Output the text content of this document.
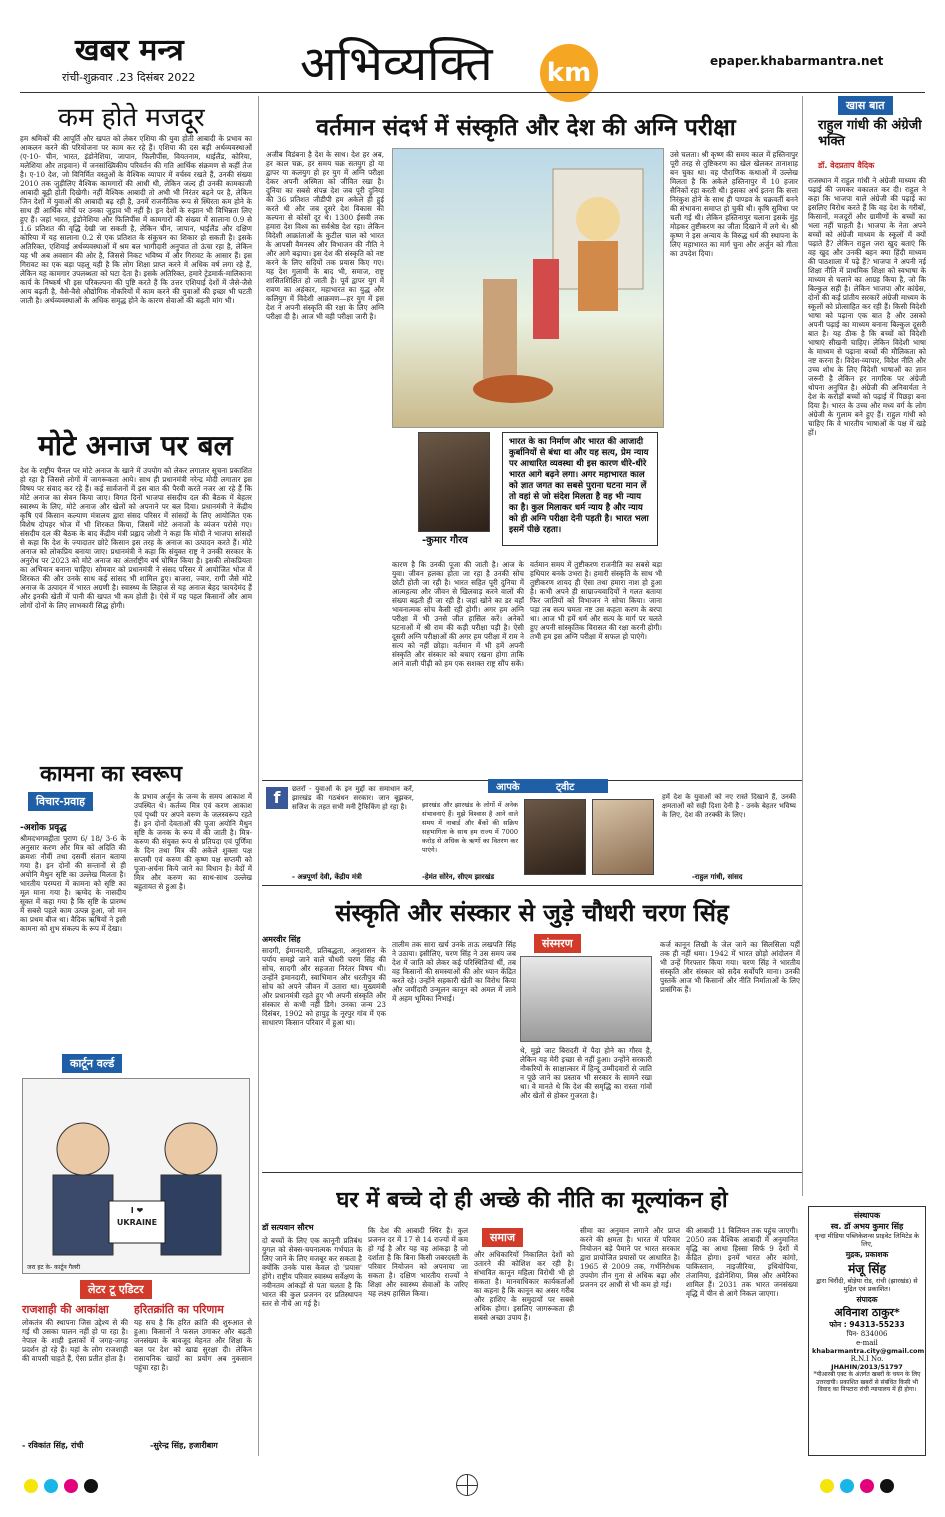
खबर मन्त्र
रांची-शुक्रवार .23 दिसंबर 2022 अभिव्यक्ति km	epaper.khabarmantra.net
कम होते मजदूर
हम श्रमिकों की आपूर्ति और खपत को लेकर एशिया की युवा होती आबादी के प्रभाव का आकलन करने की परियोजना पर काम कर रहे हैं। एशिया की दस बड़ी अर्थव्यवस्थाओं (ए-10- चीन, भारत, इंडोनेशिया, जापान, फिलीपींस, वियतनाम, थाईलैंड, कोरिया, मलेशिया और ताइवान) में जनसांख्यिकीय परिवर्तन की गति आर्थिक संक्रमण से कहीं तेज है। ए-10 देश, जो विनिर्मित वस्तुओं के वैश्विक व्यापार में वर्चस्व रखते हैं, उनकी संख्या 2010 तक जुड़ीलिए वैश्विक कामगारों की आधी थी, लेकिन जल्द ही उनकी कामकाजी आबादी बूढ़ी होती दिखेगी। नहीं वैश्विक आबादी तो अभी भी निरंतर बढ़ने पर है, लेकिन जिन देशों में युवाओं की आबादी बढ़ रही है, उनमें राजनीतिक रूप से स्थिरता कम होने के साथ ही आर्थिक मोर्चे पर उनका जुड़ाव भी नहीं है। इन देशों के रुझान भी विभिन्नता लिए हुए हैं। जहां भारत, इंडोनेशिया और फिलिपींस में कामगारों की संख्या में सालाना 0.9 से 1.6 प्रतिशत की वृद्धि देखी जा सकती है, लेकिन चीन, जापान, थाईलैंड और दक्षिण कोरिया में यह सालाना 0.2 से एक प्रतिशत के संकुचन का शिकार हो सकती है। इसके अतिरिक्त, एशियाई अर्थव्यवस्थाओं में श्रम बल भागीदारी अनुपात तो ऊंचा रहा है, लेकिन यह भी अब अवसान की ओर है, जिससे निकट भविष्य में और गिरावट के आसार हैं। इस गिरावट का एक बड़ा पहलू यही है कि लोग शिक्षा प्राप्त करने में अधिक वर्ष लगा रहे हैं, लेकिन यह कामगार उपलब्धता को घटा देता है। इसके अतिरिक्त, हमारे ट्रेडमार्क-मालिकाना कार्य के निष्कर्ष भी इस परिकल्पना की पुष्टि करते हैं कि उत्तर एशियाई देशों में जैसे-जैसे आय बढ़ती है, वैसे-वैसे औद्योगिक नौकरियों में काम करने की युवाओं की इच्छा भी घटती जाती है। अर्थव्यवस्थाओं के अधिक समृद्ध होने के कारण सेवाओं की बढ़ती मांग भी।
मोटे अनाज पर बल
देश के राष्ट्रीय चैनल पर मोटे अनाज के खाने में उपयोग को लेकर लगातार सूचना प्रकाशित हो रहा है जिससे लोगों में जागरूकता आये। साथ ही प्रधानमंत्री नरेन्द्र मोदी लगातार इस विषय पर संवाद कर रहे हैं। कई सार्वजनों में इस बात की पैरवी करते नजर आ रहे हैं कि मोटे अनाज का सेवन किया जाए। विगत दिनों भाजपा संसदीय दल की बैठक में बेहतर स्वास्थ्य के लिए, मोटे अनाज और खेलों को अपनाने पर बल दिया। प्रधानमंत्री ने केंद्रीय कृषि एवं किसान कल्याण मंत्रालय द्वारा संसद परिसर में सांसदों के लिए आयोजित एक विशेष दोपहर भोज में भी शिरकत किया, जिसमें मोटे अनाजों के व्यंजन परोसे गए। संसदीय दल की बैठक के बाद केंद्रीय मंत्री प्रह्लाद जोशी ने कहा कि मोदी ने भाजपा सांसदों से कहा कि देश के ज्यादातर छोटे किसान इस तरह के अनाज का उत्पादन करते हैं। मोटे अनाज को लोकप्रिय बनाया जाए। प्रधानमंत्री ने कहा कि संयुक्त राष्ट्र ने उनकी सरकार के अनुरोध पर 2023 को मोटे अनाज का अंतर्राष्ट्रीय वर्ष घोषित किया है। इसकी लोकप्रियता का अभियान बनाना चाहिए। सोमवार को प्रधानमंत्री ने संसद परिसर में आयोजित भोज में शिरकत की और उनके साथ कई सांसद भी शामिल हुए। बाजरा, ज्वार, रागी जैसे मोटे अनाज के उत्पादन में भारत अग्रणी है। स्वास्थ्य के लिहाज से यह अनाज बेहद फायदेमंद हैं और इनकी खेती में पानी की खपत भी कम होती है। ऐसे में यह पहल किसानों और आम लोगों दोनों के लिए लाभकारी सिद्ध होगी।
कामना का स्वरूप
विचार-प्रवाह
-अशोक प्रवृद्ध
श्रीमदभगवद्गीता पुराण 6/ 18/ 3-6 के अनुसार करण और मित्र को अदिति की क्रमशः नौवीं तथा दसवीं संतान बताया गया है। इन दोनों की सन्तानों से ही अयोनि मैथुन सृष्टि का उल्लेख मिलता है। भारतीय परम्परा में कामना को सृष्टि का मूल माना गया है। ऋग्वेद के नासदीय सूक्त में कहा गया है कि सृष्टि के प्रारम्भ में सबसे पहले काम उत्पन्न हुआ, जो मन का प्रथम बीज था। वैदिक ऋषियों ने इसी कामना को शुभ संकल्प के रूप में देखा।
के प्रभाव अर्जुन के जन्म के समय आकाश में उपस्थित थे। कर्तव्य मित्र एवं करण आकाश एवं पृथ्वी पर अपने वरुण के जलस्वरूप रहते हैं। इन दोनों देवताओं की पूजा अयोनि मैथुन सृष्टि के जनक के रूप में की जाती है। मित्र-करुण की संयुक्त रूप से प्रतिपदा एवं पूर्णिमा के दिन तथा मित्र की अकेले शुक्ला पक्ष सप्तमी एवं करुण की कृष्ण पक्ष सप्तमी को पूजा-अर्चना किये जाने का विधान है। वेदों में मित्र और करुण का साथ-साथ उल्लेख बहुतायत से हुआ है।
कार्टून वर्ल्ड
I ❤ UKRAINE
जरा हट के- कार्टून गैलरी
लेटर टू एडिटर
राजशाही की आकांक्षा
लोकतंत्र की स्थापना जिस उद्देश्य से की गई थी उसका पालन नहीं हो पा रहा है। नेपाल के शाही इलाकों में जगह-जगह प्रदर्शन हो रहे हैं। यहां के लोग राजशाही की वापसी चाहते हैं, ऐसा प्रतीत होता है।
- रविकांत सिंह, रांची
हरितक्रांति का परिणाम
यह सच है कि हरित क्रांति की शुरुआत से हुआ। किसानों ने फसल उगाकर और बढ़ती जनसंख्या के बावजूद मेहनत और शिक्षा के बल पर देश को खाद्य सुरक्षा दी। लेकिन रासायनिक खादों का प्रयोग अब नुकसान पहुंचा रहा है।
-सुरेन्द्र सिंह, हजारीबाग
वर्तमान संदर्भ में संस्कृति और देश की अग्नि परीक्षा
अजीब विडंबना है देश के साथ। देश हर अब, हर काल चक्र, हर समय चक्र सतयुग हो या द्वापर या कलयुग हो हर युग में अग्नि परीक्षा देकर अपनी अस्मिता को जीवित रखा है। दुनिया का सबसे संपन्न देश जब पूरी दुनिया की 36 प्रतिशत जीडीपी हम अकेले ही हुई करते थी और जब दूसरे देश विकास की कल्पना से कोसों दूर थे। 1300 ईसवी तक हमारा देश विश्व का सर्वश्रेष्ठ देश रहा। लेकिन विदेशी आक्रांताओं के कुटील चाल को भारत के आपसी वैमनस्य और विभाजन की नीति ने और आगे बढ़ाया। इस देश की संस्कृति को नष्ट करने के लिए सदियों तक प्रयास किए गए। यह देश गुलामी के बाद भी, समाज, राष्ट्र शासितशिक्षित हो जाती है। पूर्व द्वापर युग में रावण का अहंकार, महाभारत का युद्ध और कलियुग में विदेशी आक्रमण—हर युग में इस देश ने अपनी संस्कृति की रक्षा के लिए अग्नि परीक्षा दी है। आज भी वही परीक्षा जारी है।
-कुमार गौरव
भारत के का निर्माण और भारत की आजादी कुर्बानियों से बंधा था और यह सत्य, प्रेम न्याय पर आधारित व्यवस्था थी इस कारण धीरे-धीरे भारत आगे बढ़ने लगा। अगर महाभारत काल को ज्ञात जगत का सबसे पुराना घटना मान लें तो वहां से जो संदेश मिलता है वह भी न्याय का है। कुल मिलाकर धर्म न्याय है और न्याय को ही अग्नि परीक्षा देनी पड़ती है। भारत भला इसमें पीछे रहता।
कारण है कि उनकी पूजा की जाती है। आज के युवा। जीवन हलका होता जा रहा है उनकी सोच छोटी होती जा रही है। भारत सहित पूरी दुनिया में आत्महत्या और जीवन से खिलवाड़ करने वालों की संख्या बढ़ती ही जा रही है। जहां खोने का डर वहाँ भावनात्मक सोच कैसी रही होगी। अगर हम अग्नि परीक्षा में भी उनसे जीत हासिल करें। अनेकों घटनाओं में श्री राम की कड़ी परीक्षा पड़ी है। ऐसी दूसरी अग्नि परीक्षाओं की अगर हम परीक्षा में राम ने सत्य को नहीं छोड़ा। वर्तमान में भी हमें अपनी संस्कृति और संस्कार को बचाए रखना होगा ताकि आने वाली पीढ़ी को हम एक सशक्त राष्ट्र सौंप सकें।
वर्तमान समय में तुष्टीकरण राजनीति का सबसे बड़ा हथियार बनके उभरा है। हमारी संस्कृति के साथ भी तुष्टीकरण शायद ही ऐसा तथा हमारा नाश हो हुआ है। कभी अपने ही साम्राज्यवादियों ने गलत बताया फिर जातियों को विभाजन ने सोचा किया। जाना पड़ा तब सत्य चमता नष्ट उस कहता करण के बरपा था। आज भी हमें धर्म और सत्य के मार्ग पर चलते हुए अपनी सांस्कृतिक विरासत की रक्षा करनी होगी। तभी हम इस अग्नि परीक्षा में सफल हो पाएंगे।
उसे चलता। श्री कृष्ण की समय काल में हस्तिनापुर पूरी तरह से तुष्टिकरण का खेल खेलकर तानाशाह बन चुका था। वह पौराणिक कथाओं में उल्लेख मिलता है कि अकेले हस्तिनापुर में 10 हजार सैनिकों रहा करती थी। इसका अर्थ इतना कि सत्ता निरंकुश होने के साथ ही पाण्डव के चक्रवर्ती बनने की संभावना समाप्त हो चुकी थी। कृषि सुविधा पर चली गई थी। लेकिन हस्तिनापुर चलाना इसके मुंह मोड़कर तुष्टीकरण का जीता दिखाने में लगे थे। श्री कृष्ण ने इस अन्याय के विरुद्ध धर्म की स्थापना के लिए महाभारत का मार्ग चुना और अर्जुन को गीता का उपदेश दिया।
खास बात
राहुल गांधी की अंग्रेजी भक्ति
डॉ. वेदप्रताप वैदिक
राजस्थान में राहुल गांधी ने अंग्रेजी माध्यम की पढ़ाई की जमकर वकालत कर दी। राहुल ने कहा कि भाजपा वाले अंग्रेजी की पढ़ाई का इसलिए विरोध करते हैं कि वह देश के गरीबों, किसानों, मजदूरों और ग्रामीणों के बच्चों का भला नहीं चाहती है। भाजपा के नेता अपने बच्चों को अंग्रेजी माध्यम के स्कूलों में क्यों पढ़ाते हैं? लेकिन राहुल जरा खुद बताएं कि वह खुद और उनकी बहन क्या हिंदी माध्यम की पाठशाला में पढ़े हैं? भाजपा ने अपनी नई शिक्षा नीति में प्राथमिक शिक्षा को स्वभाषा के माध्यम से चलाने का आग्रह किया है, जो कि बिल्कुल सही है। लेकिन भाजपा और कांग्रेस, दोनों की कई प्रांतीय सरकारें अंग्रेजी माध्यम के स्कूलों को प्रोत्साहित कर रही हैं। किसी विदेशी भाषा को पढ़ाना एक बात है और उसको अपनी पढ़ाई का माध्यम बनाना बिल्कुल दूसरी बात है। यह ठीक है कि बच्चों को विदेशी भाषाएं सीखनी चाहिए। लेकिन विदेशी भाषा के माध्यम से पढ़ाना बच्चों की मौलिकता को नष्ट करना है। विदेश-व्यापार, विदेश नीति और उच्च शोध के लिए विदेशी भाषाओं का ज्ञान जरूरी है लेकिन हर नागरिक पर अंग्रेजी थोपना अनुचित है। अंग्रेजी की अनिवार्यता ने देश के करोड़ों बच्चों को पढ़ाई में पिछड़ा बना दिया है। भारत के उच्च और मध्य वर्ग के लोग अंग्रेजी के गुलाम बने हुए हैं। राहुल गांधी को चाहिए कि वे भारतीय भाषाओं के पक्ष में खड़े हों।
f	छतरों - युवाओं के इन मुद्दों का समाधान करें, झारखंड की गठबंधन सरकार। जान बूझकर, सजिश के तहत सभी मनी ट्रैफिकिंग हो रहा है।
- अन्नपूर्णा देवी, केंद्रीय मंत्री
आपके	ट्वीट
झारखंड और झारखंड के लोगों में अनेक संभावनाएं हैं। मुझे विश्वास है आने वाले समय में नाबार्ड और बैंकों की सक्रिय सहभागिता के साथ हम राज्य में 7000 करोड़ से अधिक के ऋणों का वितरण कर पाएंगे।
-हेमंत सोरेन, सीएम झारखंड
हमें देश के युवाओं को नए रास्ते दिखाने हैं, उनकी क्षमताओं को सही दिशा देनी है - उनके बेहतर भविष्य के लिए, देश की तरक्की के लिए।
-राहुल गांधी, सांसद
संस्कृति और संस्कार से जुड़े चौधरी चरण सिंह
अमरवीर सिंह
सादगी, ईमानदारी, प्रतिबद्धता, अनुशासन के पर्याय समझे जाने वाले चौधरी चरण सिंह की सोच, सादगी और सहजता निरंतर विषय थी। उन्होंने इमानदारी, स्वाभिमान और धरतीपुत्र की सोच को अपने जीवन में उतारा था। मुख्यमंत्री और प्रधानमंत्री रहते हुए भी अपनी संस्कृति और संस्कार से कभी नहीं डिगे। उनका जन्म 23 दिसंबर, 1902 को हापुड़ के नूरपुर गांव में एक साधारण किसान परिवार में हुआ था।
तालीम तक सारा खर्च उनके ताऊ लखपति सिंह ने उठाया। इसीलिए, चरण सिंह ने उस समय जब देश में जाति को लेकर कई परिस्थितियां थीं, तब वह किसानों की समस्याओं की ओर ध्यान केंद्रित करते रहे। उन्होंने सहकारी खेती का विरोध किया और जमींदारी उन्मूलन कानून को अमल में लाने में अहम भूमिका निभाई।
संस्मरण
थे, मुझे जाट बिरादरी में पैदा होने का गौरव है, लेकिन यह मेरी इच्छा से नहीं हुआ। उन्होंने सरकारी नौकरियों के साक्षात्कार में हिन्दू उम्मीदवारों से जाति न पूछे जाने का प्रस्ताव भी सरकार के सामने रखा था। वे मानते थे कि देश की समृद्धि का रास्ता गांवों और खेतों से होकर गुजरता है।
कर्ज कानून लिखी के जेल जाने का सिलसिला यहीं तक ही नहीं थमा। 1942 में भारत छोड़ो आंदोलन में भी उन्हें गिरफ्तार किया गया। चरण सिंह ने भारतीय संस्कृति और संस्कार को सदैव सर्वोपरि माना। उनकी पुस्तकें आज भी किसानों और नीति निर्माताओं के लिए प्रासंगिक हैं।
घर में बच्चे दो ही अच्छे की नीति का मूल्यांकन हो
डॉ सत्यवान सौरभ
दो बच्चों के लिए एक कानूनी प्रतिबंध युगल को सेक्स-चयनात्मक गर्भपात के लिए जाने के लिए मजबूर कर सकता है क्योंकि उनके पास केवल दो 'प्रयास' होंगे। राष्ट्रीय परिवार स्वास्थ्य सर्वेक्षण के नवीनतम आंकड़ों से पता चलता है कि भारत की कुल प्रजनन दर प्रतिस्थापन स्तर से नीचे आ गई है।
कि देश की आबादी स्थिर है। कुल प्रजनन दर में 17 से 14 राज्यों में कम हो गई है और यह वह आंकड़ा है जो दर्शाता है कि बिना किसी जबरदस्ती के परिवार नियोजन को अपनाया जा सकता है। दक्षिण भारतीय राज्यों ने शिक्षा और स्वास्थ्य सेवाओं के जरिए यह लक्ष्य हासिल किया।
समाज
और अधिकारियों निकालित देशों को उतारने की कोशिश कर रही है। संभावित कानून महिला विरोधी भी हो सकता है। मानवाधिकार कार्यकर्ताओं का कहना है कि कानून का असर गरीब और हाशिए के समुदायों पर सबसे अधिक होगा। इसलिए जागरूकता ही सबसे अच्छा उपाय है।
सीमा का अनुमान लगाने और प्राप्त करने की क्षमता है। भारत में परिवार नियोजन बड़े पैमाने पर भारत सरकार द्वारा प्रायोजित प्रयासों पर आधारित है। 1965 से 2009 तक, गर्भनिरोधक उपयोग तीन गुना से अधिक बढ़ा और प्रजनन दर आधी से भी कम हो गई।
की आबादी 11 बिलियन तक पहुंच जाएगी। 2050 तक वैश्विक आबादी में अनुमानित वृद्धि का आधा हिस्सा सिर्फ 9 देशों में केंद्रित होगा। इनमें भारत और कांगो, पाकिस्तान, नाइजीरिया, इथियोपिया, तंजानिया, इंडोनेशिया, मिस्र और अमेरिका शामिल हैं। 2031 तक भारत जनसंख्या वृद्धि में चीन से आगे निकल जाएगा।
संस्थापक
स्व. डॉ अभय कुमार सिंह
वृन्दा मीडिया पब्लिकेशन्स प्राइवेट लिमिटेड के लिए,
मुद्रक, प्रकाशक
मंजू सिंह
द्वारा चिरौंदी, बोड़ेया रोड, रांची (झारखंड) से मुद्रित एवं प्रकाशित।
संपादक
अविनाश ठाकुर*
फोन : 94313-55233
पिन- 834006
e-mail
khabarmantra.city@gmail.com
R.N.I No.
JHAHIN/2013/51797
*पीआरबी एक्ट के अंतर्गत खबरों के चयन के लिए उत्तरदायी। प्रकाशित खबरों से संबंधित किसी भी विवाद का निपटारा रांची न्यायालय में ही होगा।
